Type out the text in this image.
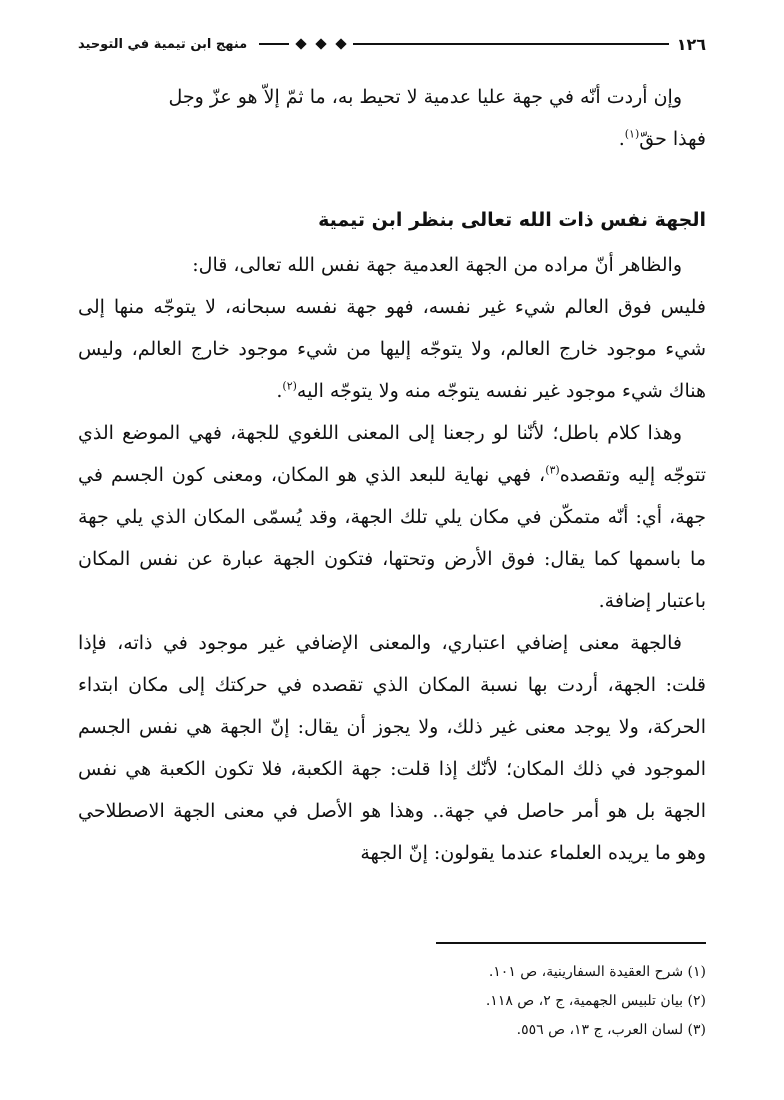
١٢٦
منهج ابن تيمية في التوحيد

وإن أردت أنّه في جهة عليا عدمية لا تحيط به، ما ثمّ إلاّ هو عزّ وجل

فهذا حقّ$^{(١)}$.

الجهة نفس ذات الله تعالى بنظر ابن تيمية

والظاهر أنّ مراده من الجهة العدمية جهة نفس الله تعالى، قال:

فليس فوق العالم شيء غير نفسه، فهو جهة نفسه سبحانه، لا يتوجّه منها إلى شيء موجود خارج العالم، ولا يتوجّه إليها من شيء موجود خارج العالم، وليس هناك شيء موجود غير نفسه يتوجّه منه ولا يتوجّه اليه$^{(٢)}$.

وهذا كلام باطل؛ لأنّنا لو رجعنا إلى المعنى اللغوي للجهة، فهي الموضع الذي تتوجّه إليه وتقصده$^{(٣)}$، فهي نهاية للبعد الذي هو المكان، ومعنى كون الجسم في جهة، أي: أنّه متمكّن في مكان يلي تلك الجهة، وقد يُسمّى المكان الذي يلي جهة ما باسمها كما يقال: فوق الأرض وتحتها، فتكون الجهة عبارة عن نفس المكان باعتبار إضافة.

فالجهة معنى إضافي اعتباري، والمعنى الإضافي غير موجود في ذاته، فإذا قلت: الجهة، أردت بها نسبة المكان الذي تقصده في حركتك إلى مكان ابتداء الحركة، ولا يوجد معنى غير ذلك، ولا يجوز أن يقال: إنّ الجهة هي نفس الجسم الموجود في ذلك المكان؛ لأنّك إذا قلت: جهة الكعبة، فلا تكون الكعبة هي نفس الجهة بل هو أمر حاصل في جهة.. وهذا هو الأصل في معنى الجهة الاصطلاحي وهو ما يريده العلماء عندما يقولون: إنّ الجهة

(١) شرح العقيدة السفارينية، ص ١٠١.
(٢) بيان تلبيس الجهمية، ج ٢، ص ١١٨.
(٣) لسان العرب، ج ١٣، ص ٥٥٦.
